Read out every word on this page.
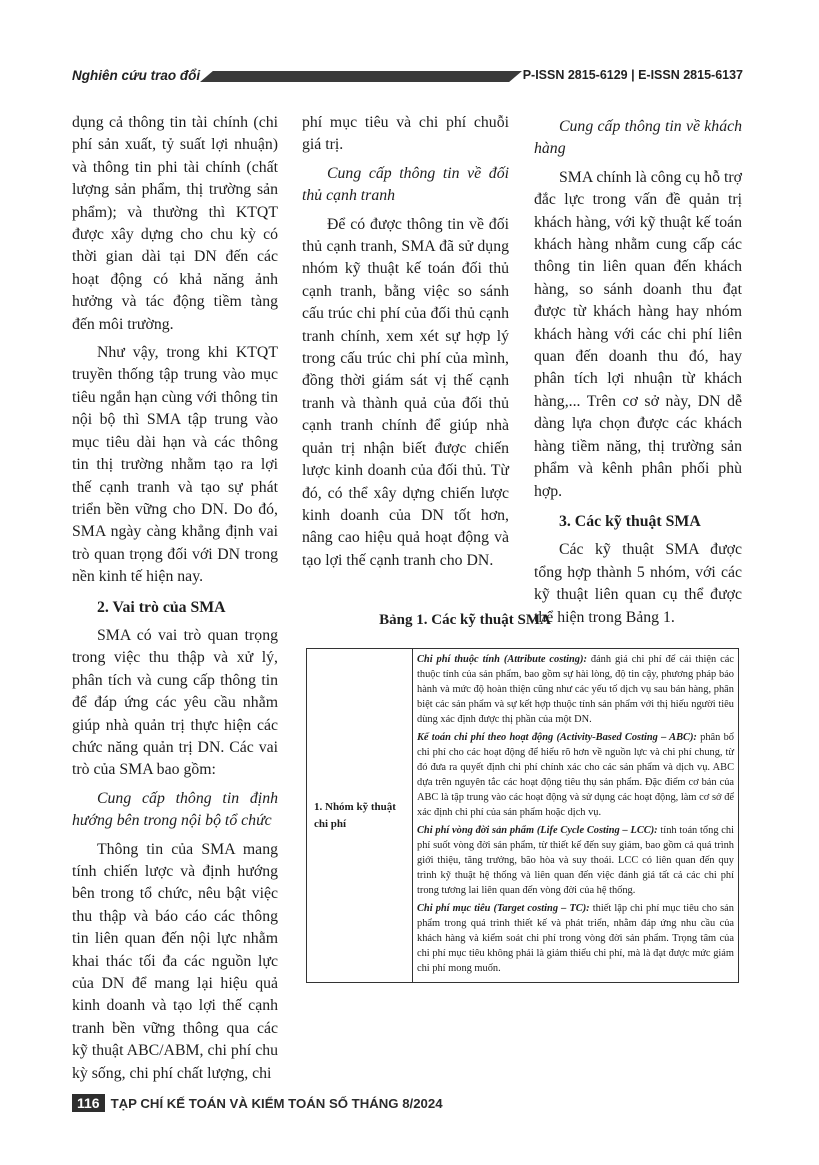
Nghiên cứu trao đổi	P-ISSN 2815-6129 | E-ISSN 2815-6137

dụng cả thông tin tài chính (chi phí sản xuất, tỷ suất lợi nhuận) và thông tin phi tài chính (chất lượng sản phẩm, thị trường sản phẩm); và thường thì KTQT được xây dựng cho chu kỳ có thời gian dài tại DN đến các hoạt động có khả năng ảnh hưởng và tác động tiềm tàng đến môi trường.

Như vậy, trong khi KTQT truyền thống tập trung vào mục tiêu ngắn hạn cùng với thông tin nội bộ thì SMA tập trung vào mục tiêu dài hạn và các thông tin thị trường nhằm tạo ra lợi thế cạnh tranh và tạo sự phát triển bền vững cho DN. Do đó, SMA ngày càng khẳng định vai trò quan trọng đối với DN trong nền kinh tế hiện nay.

2. Vai trò của SMA

SMA có vai trò quan trọng trong việc thu thập và xử lý, phân tích và cung cấp thông tin để đáp ứng các yêu cầu nhằm giúp nhà quản trị thực hiện các chức năng quản trị DN. Các vai trò của SMA bao gồm:

Cung cấp thông tin định hướng bên trong nội bộ tổ chức

Thông tin của SMA mang tính chiến lược và định hướng bên trong tổ chức, nêu bật việc thu thập và báo cáo các thông tin liên quan đến nội lực nhằm khai thác tối đa các nguồn lực của DN để mang lại hiệu quả kinh doanh và tạo lợi thế cạnh tranh bền vững thông qua các kỹ thuật ABC/ABM, chi phí chu kỳ sống, chi phí chất lượng, chi

phí mục tiêu và chi phí chuỗi giá trị.

Cung cấp thông tin về đối thủ cạnh tranh

Để có được thông tin về đối thủ cạnh tranh, SMA đã sử dụng nhóm kỹ thuật kế toán đối thủ cạnh tranh, bằng việc so sánh cấu trúc chi phí của đối thủ cạnh tranh chính, xem xét sự hợp lý trong cấu trúc chi phí của mình, đồng thời giám sát vị thế cạnh tranh và thành quả của đối thủ cạnh tranh chính để giúp nhà quản trị nhận biết được chiến lược kinh doanh của đối thủ. Từ đó, có thể xây dựng chiến lược kinh doanh của DN tốt hơn, nâng cao hiệu quả hoạt động và tạo lợi thế cạnh tranh cho DN.

Cung cấp thông tin về khách hàng

SMA chính là công cụ hỗ trợ đắc lực trong vấn đề quản trị khách hàng, với kỹ thuật kế toán khách hàng nhằm cung cấp các thông tin liên quan đến khách hàng, so sánh doanh thu đạt được từ khách hàng hay nhóm khách hàng với các chi phí liên quan đến doanh thu đó, hay phân tích lợi nhuận từ khách hàng,... Trên cơ sở này, DN dễ dàng lựa chọn được các khách hàng tiềm năng, thị trường sản phẩm và kênh phân phối phù hợp.

3. Các kỹ thuật SMA

Các kỹ thuật SMA được tổng hợp thành 5 nhóm, với các kỹ thuật liên quan cụ thể được thể hiện trong Bảng 1.

Bảng 1. Các kỹ thuật SMA
1. Nhóm kỹ thuật chi phí	
Chi phí thuộc tính (Attribute costing): đánh giá chi phí để cải thiện các thuộc tính của sản phẩm, bao gồm sự hài lòng, độ tin cậy, phương pháp bảo hành và mức độ hoàn thiện cũng như các yếu tố dịch vụ sau bán hàng, phân biệt các sản phẩm và sự kết hợp thuộc tính sản phẩm với thị hiếu người tiêu dùng xác định được thị phần của một DN.
Kế toán chi phí theo hoạt động (Activity-Based Costing – ABC): phân bổ chi phí cho các hoạt động để hiểu rõ hơn về nguồn lực và chi phí chung, từ đó đưa ra quyết định chi phí chính xác cho các sản phẩm và dịch vụ. ABC dựa trên nguyên tắc các hoạt động tiêu thụ sản phẩm. Đặc điểm cơ bản của ABC là tập trung vào các hoạt động và sử dụng các hoạt động, làm cơ sở để xác định chi phí của sản phẩm hoặc dịch vụ.
Chi phí vòng đời sản phẩm (Life Cycle Costing – LCC): tính toán tổng chi phí suốt vòng đời sản phẩm, từ thiết kế đến suy giảm, bao gồm cả quá trình giới thiệu, tăng trưởng, bão hòa và suy thoái. LCC có liên quan đến quy trình kỹ thuật hệ thống và liên quan đến việc đánh giá tất cả các chi phí trong tương lai liên quan đến vòng đời của hệ thống.
Chi phí mục tiêu (Target costing – TC): thiết lập chi phí mục tiêu cho sản phẩm trong quá trình thiết kế và phát triển, nhằm đáp ứng nhu cầu của khách hàng và kiểm soát chi phí trong vòng đời sản phẩm. Trọng tâm của chi phí mục tiêu không phải là giảm thiểu chi phí, mà là đạt được mức giảm chi phí mong muốn.
116 TẠP CHÍ KẾ TOÁN VÀ KIỂM TOÁN SỐ THÁNG 8/2024
